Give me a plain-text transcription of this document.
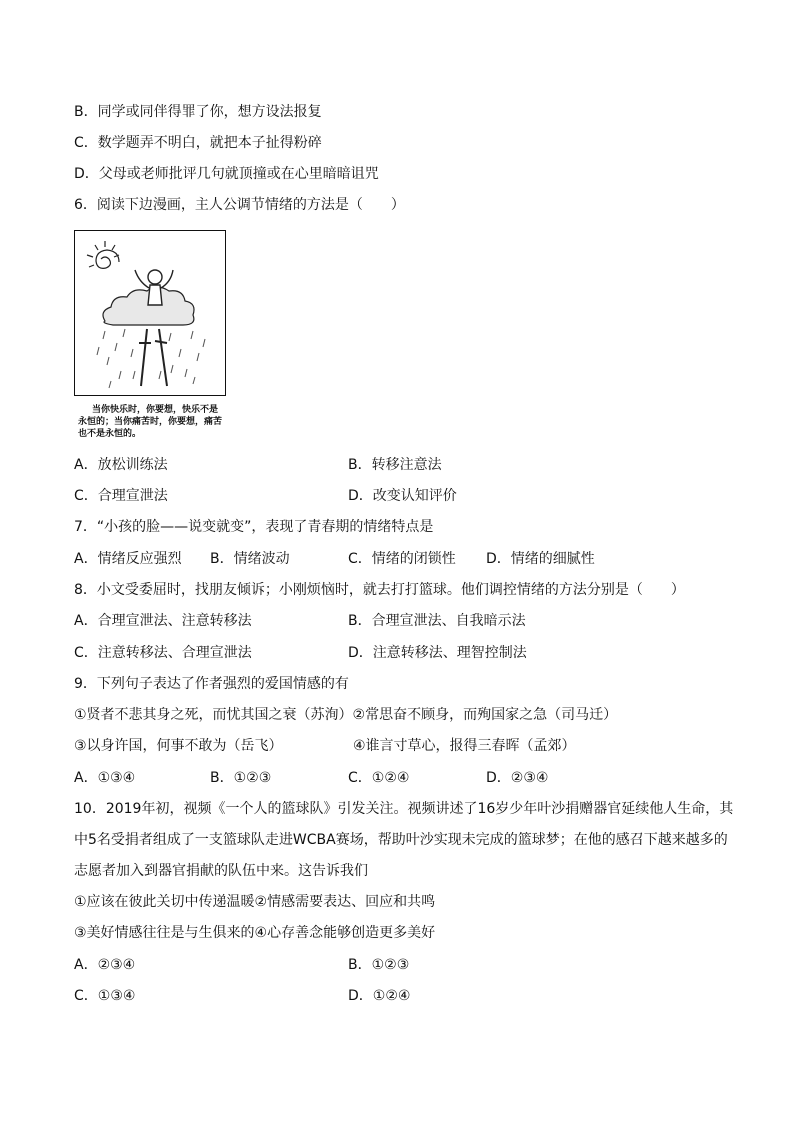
B．同学或同伴得罪了你，想方设法报复
C．数学题弄不明白，就把本子扯得粉碎
D．父母或老师批评几句就顶撞或在心里暗暗诅咒
6．阅读下边漫画，主人公调节情绪的方法是（　　）
当你快乐时，你要想，快乐不是
永恒的；当你痛苦时，你要想，痛苦
也不是永恒的。
A．放松训练法	B．转移注意法
C．合理宣泄法	D．改变认知评价
7．“小孩的脸——说变就变”，表现了青春期的情绪特点是
A．情绪反应强烈 B．情绪波动	C．情绪的闭锁性 D．情绪的细腻性
8．小文受委屈时，找朋友倾诉；小刚烦恼时，就去打打篮球。他们调控情绪的方法分别是（　　）
A．合理宣泄法、注意转移法	B．合理宣泄法、自我暗示法
C．注意转移法、合理宣泄法	D．注意转移法、理智控制法
9．下列句子表达了作者强烈的爱国情感的有
①贤者不悲其身之死，而忧其国之衰（苏洵）②常思奋不顾身，而殉国家之急（司马迁）
③以身许国，何事不敢为（岳飞）	④谁言寸草心，报得三春晖（孟郊）
A．①③④	B．①②③	C．①②④	D．②③④
10．2019年初，视频《一个人的篮球队》引发关注。视频讲述了16岁少年叶沙捐赠器官延续他人生命，其
中5名受捐者组成了一支篮球队走进WCBA赛场，帮助叶沙实现未完成的篮球梦；在他的感召下越来越多的
志愿者加入到器官捐献的队伍中来。这告诉我们
①应该在彼此关切中传递温暖②情感需要表达、回应和共鸣
③美好情感往往是与生俱来的④心存善念能够创造更多美好
A．②③④	B．①②③
C．①③④	D．①②④
